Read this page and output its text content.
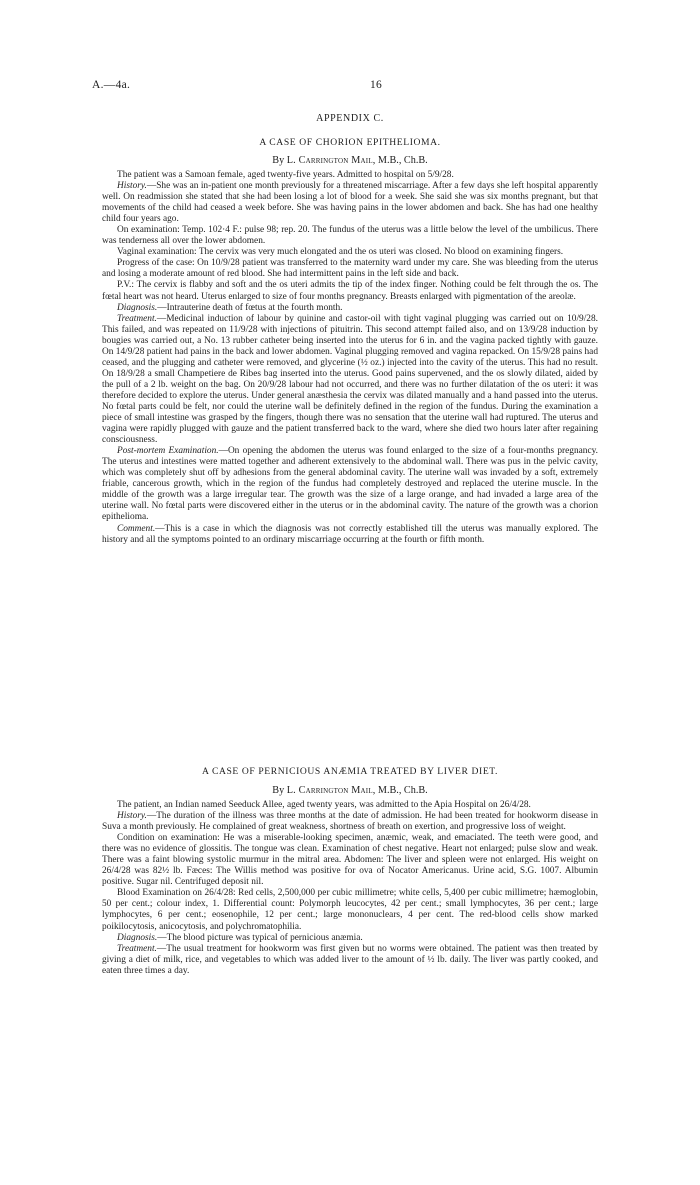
A.—4a.	16

APPENDIX C.

A CASE OF CHORION EPITHELIOMA.

By L. Carrington Mail, M.B., Ch.B.

The patient was a Samoan female, aged twenty-five years. Admitted to hospital on 5/9/28.

History.—She was an in-patient one month previously for a threatened miscarriage. After a few days she left hospital apparently well. On readmission she stated that she had been losing a lot of blood for a week. She said she was six months pregnant, but that movements of the child had ceased a week before. She was having pains in the lower abdomen and back. She has had one healthy child four years ago.

On examination: Temp. 102·4 F.: pulse 98; rep. 20. The fundus of the uterus was a little below the level of the umbilicus. There was tenderness all over the lower abdomen.

Vaginal examination: The cervix was very much elongated and the os uteri was closed. No blood on examining fingers.

Progress of the case: On 10/9/28 patient was transferred to the maternity ward under my care. She was bleeding from the uterus and losing a moderate amount of red blood. She had intermittent pains in the left side and back.

P.V.: The cervix is flabby and soft and the os uteri admits the tip of the index finger. Nothing could be felt through the os. The fœtal heart was not heard. Uterus enlarged to size of four months pregnancy. Breasts enlarged with pigmentation of the areolæ.

Diagnosis.—Intrauterine death of fœtus at the fourth month.

Treatment.—Medicinal induction of labour by quinine and castor-oil with tight vaginal plugging was carried out on 10/9/28. This failed, and was repeated on 11/9/28 with injections of pituitrin. This second attempt failed also, and on 13/9/28 induction by bougies was carried out, a No. 13 rubber catheter being inserted into the uterus for 6 in. and the vagina packed tightly with gauze. On 14/9/28 patient had pains in the back and lower abdomen. Vaginal plugging removed and vagina repacked. On 15/9/28 pains had ceased, and the plugging and catheter were removed, and glycerine (½ oz.) injected into the cavity of the uterus. This had no result. On 18/9/28 a small Champetiere de Ribes bag inserted into the uterus. Good pains supervened, and the os slowly dilated, aided by the pull of a 2 lb. weight on the bag. On 20/9/28 labour had not occurred, and there was no further dilatation of the os uteri: it was therefore decided to explore the uterus. Under general anæsthesia the cervix was dilated manually and a hand passed into the uterus. No fœtal parts could be felt, nor could the uterine wall be definitely defined in the region of the fundus. During the examination a piece of small intestine was grasped by the fingers, though there was no sensation that the uterine wall had ruptured. The uterus and vagina were rapidly plugged with gauze and the patient transferred back to the ward, where she died two hours later after regaining consciousness.

Post-mortem Examination.—On opening the abdomen the uterus was found enlarged to the size of a four-months pregnancy. The uterus and intestines were matted together and adherent extensively to the abdominal wall. There was pus in the pelvic cavity, which was completely shut off by adhesions from the general abdominal cavity. The uterine wall was invaded by a soft, extremely friable, cancerous growth, which in the region of the fundus had completely destroyed and replaced the uterine muscle. In the middle of the growth was a large irregular tear. The growth was the size of a large orange, and had invaded a large area of the uterine wall. No fœtal parts were discovered either in the uterus or in the abdominal cavity. The nature of the growth was a chorion epithelioma.

Comment.—This is a case in which the diagnosis was not correctly established till the uterus was manually explored. The history and all the symptoms pointed to an ordinary miscarriage occurring at the fourth or fifth month.

A CASE OF PERNICIOUS ANÆMIA TREATED BY LIVER DIET.

By L. Carrington Mail, M.B., Ch.B.

The patient, an Indian named Seeduck Allee, aged twenty years, was admitted to the Apia Hospital on 26/4/28.

History.—The duration of the illness was three months at the date of admission. He had been treated for hookworm disease in Suva a month previously. He complained of great weakness, shortness of breath on exertion, and progressive loss of weight.

Condition on examination: He was a miserable-looking specimen, anæmic, weak, and emaciated. The teeth were good, and there was no evidence of glossitis. The tongue was clean. Examination of chest negative. Heart not enlarged; pulse slow and weak. There was a faint blowing systolic murmur in the mitral area. Abdomen: The liver and spleen were not enlarged. His weight on 26/4/28 was 82½ lb. Fæces: The Willis method was positive for ova of Nocator Americanus. Urine acid, S.G. 1007. Albumin positive. Sugar nil. Centrifuged deposit nil.

Blood Examination on 26/4/28: Red cells, 2,500,000 per cubic millimetre; white cells, 5,400 per cubic millimetre; hæmoglobin, 50 per cent.; colour index, 1. Differential count: Polymorph leucocytes, 42 per cent.; small lymphocytes, 36 per cent.; large lymphocytes, 6 per cent.; eosenophile, 12 per cent.; large mononuclears, 4 per cent. The red-blood cells show marked poikilocytosis, anicocytosis, and polychromatophilia.

Diagnosis.—The blood picture was typical of pernicious anæmia.

Treatment.—The usual treatment for hookworm was first given but no worms were obtained. The patient was then treated by giving a diet of milk, rice, and vegetables to which was added liver to the amount of ½ lb. daily. The liver was partly cooked, and eaten three times a day.
